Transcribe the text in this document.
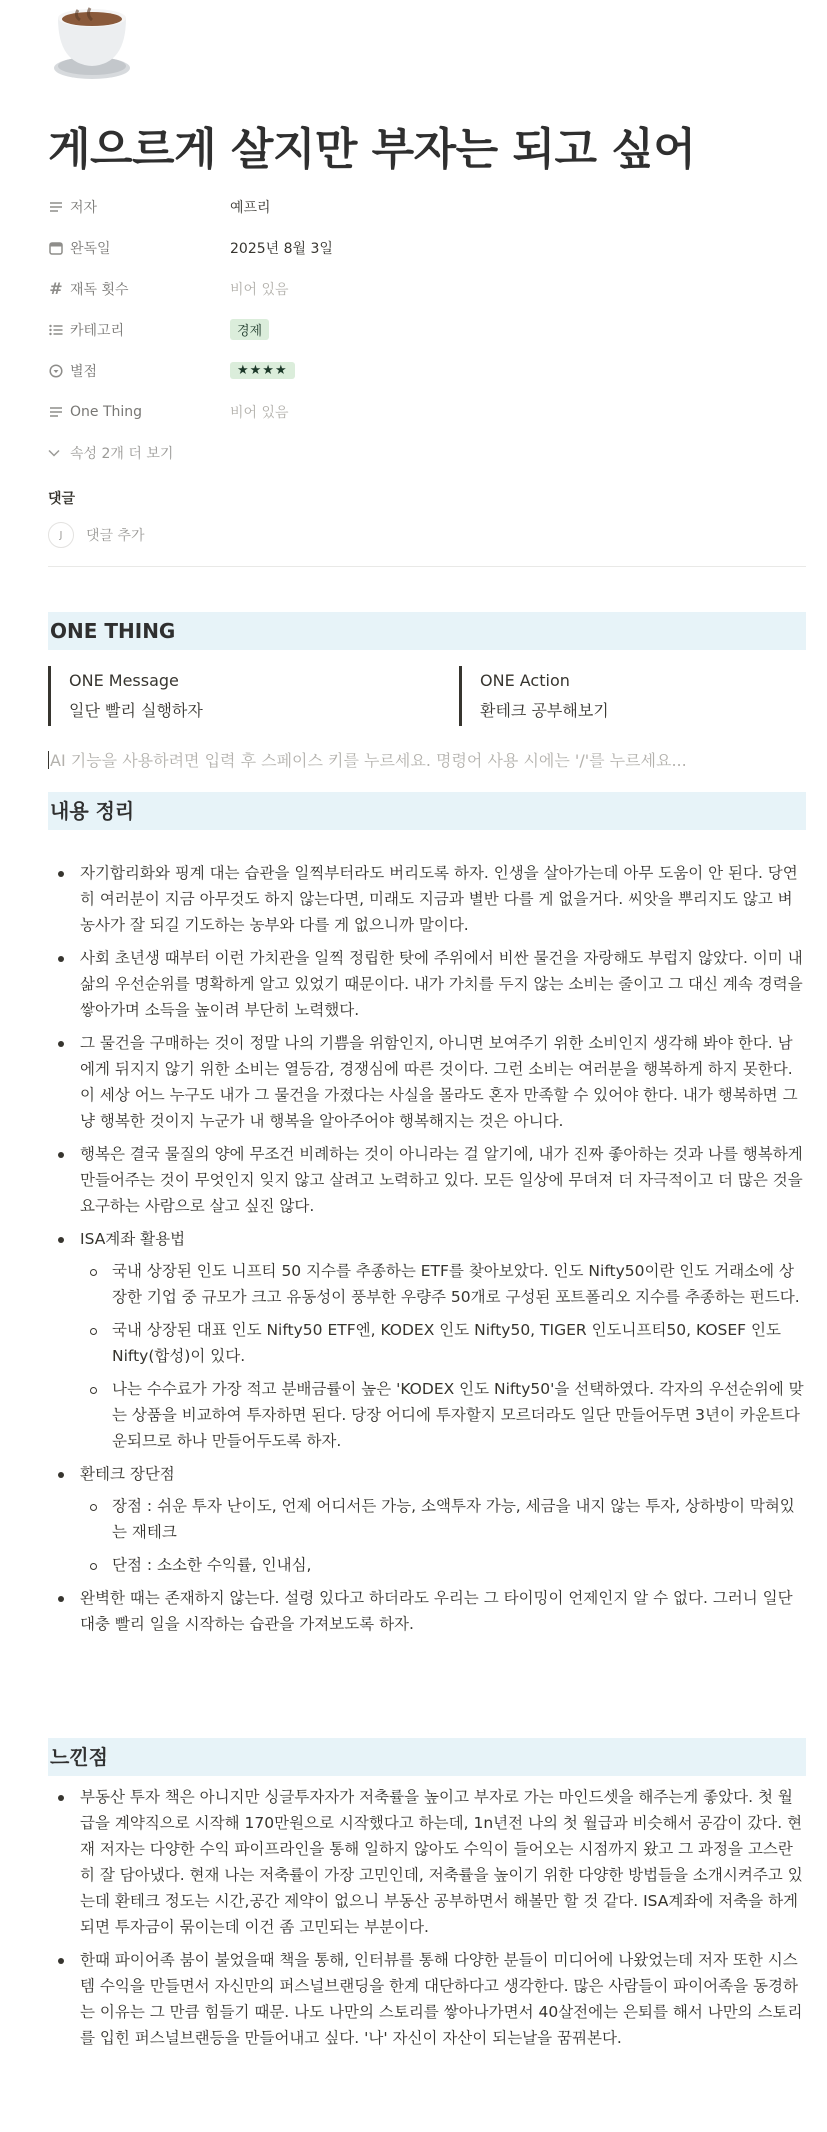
게으르게 살지만 부자는 되고 싶어
저자	예프리
완독일	2025년 8월 3일
# 재독 횟수	비어 있음
카테고리	경제
별점	★★★★
One Thing	비어 있음
속성 2개 더 보기
댓글
J	댓글 추가
ONE THING
ONE Message
일단 빨리 실행하자
ONE Action
환테크 공부해보기
AI 기능을 사용하려면 입력 후 스페이스 키를 누르세요. 명령어 사용 시에는 '/'를 누르세요...
내용 정리
자기합리화와 핑계 대는 습관을 일찍부터라도 버리도록 하자. 인생을 살아가는데 아무 도움이 안 된다. 당연히 여러분이 지금 아무것도 하지 않는다면, 미래도 지금과 별반 다를 게 없을거다. 씨앗을 뿌리지도 않고 벼농사가 잘 되길 기도하는 농부와 다를 게 없으니까 말이다.
사회 초년생 때부터 이런 가치관을 일찍 정립한 탓에 주위에서 비싼 물건을 자랑해도 부럽지 않았다. 이미 내 삶의 우선순위를 명확하게 알고 있었기 때문이다. 내가 가치를 두지 않는 소비는 줄이고 그 대신 계속 경력을 쌓아가며 소득을 높이려 부단히 노력했다.
그 물건을 구매하는 것이 정말 나의 기쁨을 위함인지, 아니면 보여주기 위한 소비인지 생각해 봐야 한다. 남에게 뒤지지 않기 위한 소비는 열등감, 경쟁심에 따른 것이다. 그런 소비는 여러분을 행복하게 하지 못한다. 이 세상 어느 누구도 내가 그 물건을 가졌다는 사실을 몰라도 혼자 만족할 수 있어야 한다. 내가 행복하면 그냥 행복한 것이지 누군가 내 행복을 알아주어야 행복해지는 것은 아니다.
행복은 결국 물질의 양에 무조건 비례하는 것이 아니라는 걸 알기에, 내가 진짜 좋아하는 것과 나를 행복하게 만들어주는 것이 무엇인지 잊지 않고 살려고 노력하고 있다. 모든 일상에 무뎌져 더 자극적이고 더 많은 것을 요구하는 사람으로 살고 싶진 않다.
ISA계좌 활용법
국내 상장된 인도 니프티 50 지수를 추종하는 ETF를 찾아보았다. 인도 Nifty50이란 인도 거래소에 상장한 기업 중 규모가 크고 유동성이 풍부한 우량주 50개로 구성된 포트폴리오 지수를 추종하는 펀드다.
국내 상장된 대표 인도 Nifty50 ETF엔, KODEX 인도 Nifty50, TIGER 인도니프티50, KOSEF 인도 Nifty(합성)이 있다.
나는 수수료가 가장 적고 분배금률이 높은 'KODEX 인도 Nifty50'을 선택하였다. 각자의 우선순위에 맞는 상품을 비교하여 투자하면 된다. 당장 어디에 투자할지 모르더라도 일단 만들어두면 3년이 카운트다운되므로 하나 만들어두도록 하자.
환테크 장단점
장점 : 쉬운 투자 난이도, 언제 어디서든 가능, 소액투자 가능, 세금을 내지 않는 투자, 상하방이 막혀있는 재테크
단점 : 소소한 수익률, 인내심,
완벽한 때는 존재하지 않는다. 설령 있다고 하더라도 우리는 그 타이밍이 언제인지 알 수 없다. 그러니 일단 대충 빨리 일을 시작하는 습관을 가져보도록 하자.
느낀점
부동산 투자 책은 아니지만 싱글투자자가 저축률을 높이고 부자로 가는 마인드셋을 해주는게 좋았다. 첫 월급을 계약직으로 시작해 170만원으로 시작했다고 하는데, 1n년전 나의 첫 월급과 비슷해서 공감이 갔다. 현재 저자는 다양한 수익 파이프라인을 통해 일하지 않아도 수익이 들어오는 시점까지 왔고 그 과정을 고스란히 잘 담아냈다. 현재 나는 저축률이 가장 고민인데, 저축률을 높이기 위한 다양한 방법들을 소개시켜주고 있는데 환테크 정도는 시간,공간 제약이 없으니 부동산 공부하면서 해볼만 할 것 같다. ISA계좌에 저축을 하게 되면 투자금이 묶이는데 이건 좀 고민되는 부분이다.
한때 파이어족 붐이 불었을때 책을 통해, 인터뷰를 통해 다양한 분들이 미디어에 나왔었는데 저자 또한 시스템 수익을 만들면서 자신만의 퍼스널브랜딩을 한계 대단하다고 생각한다. 많은 사람들이 파이어족을 동경하는 이유는 그 만큼 힘들기 때문. 나도 나만의 스토리를 쌓아나가면서 40살전에는 은퇴를 해서 나만의 스토리를 입힌 퍼스널브랜등을 만들어내고 싶다. '나' 자신이 자산이 되는날을 꿈꿔본다.
